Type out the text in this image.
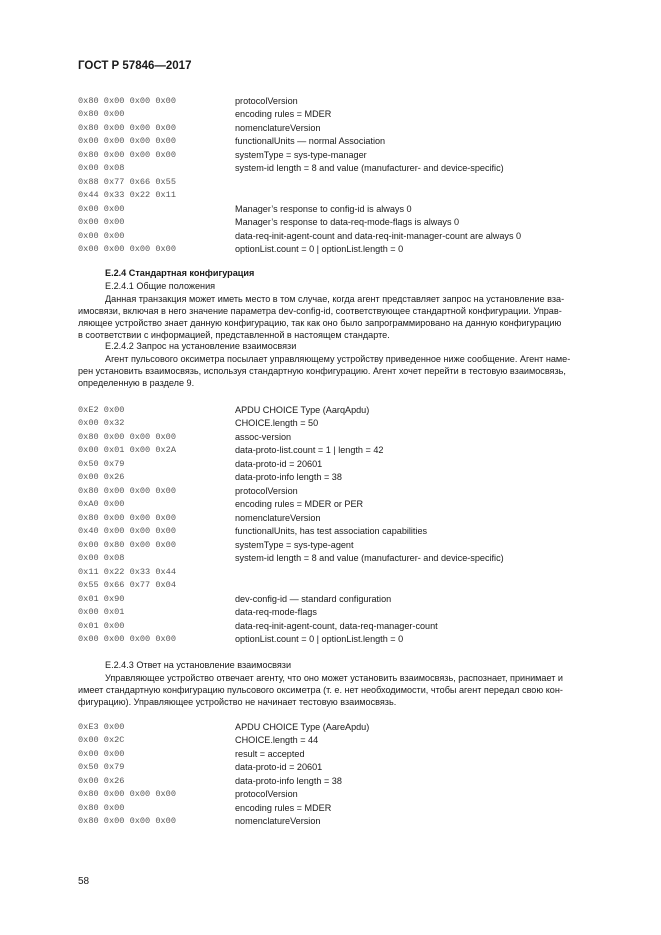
ГОСТ Р 57846—2017
0x80 0x00 0x00 0x00	protocolVersion
0x80 0x00	encoding rules = MDER
0x80 0x00 0x00 0x00	nomenclatureVersion
0x00 0x00 0x00 0x00	functionalUnits — normal Association
0x80 0x00 0x00 0x00	systemType = sys-type-manager
0x00 0x08	system-id length = 8 and value (manufacturer- and device-specific)
0x88 0x77 0x66 0x55
0x44 0x33 0x22 0x11
0x00 0x00	Manager’s response to config-id is always 0
0x00 0x00	Manager’s response to data-req-mode-flags is always 0
0x00 0x00	data-req-init-agent-count and data-req-init-manager-count are always 0
0x00 0x00 0x00 0x00	optionList.count = 0 | optionList.length = 0
Е.2.4 Стандартная конфигурация
Е.2.4.1 Общие положения
Данная транзакция может иметь место в том случае, когда агент представляет запрос на установление вза-
имосвязи, включая в него значение параметра dev-config-id, соответствующее стандартной конфигурации. Управ-
ляющее устройство знает данную конфигурацию, так как оно было запрограммировано на данную конфигурацию
в соответствии с информацией, представленной в настоящем стандарте.
Е.2.4.2 Запрос на установление взаимосвязи
Агент пульсового оксиметра посылает управляющему устройству приведенное ниже сообщение. Агент наме-
рен установить взаимосвязь, используя стандартную конфигурацию. Агент хочет перейти в тестовую взаимосвязь,
определенную в разделе 9.
0xE2 0x00	APDU CHOICE Type (AarqApdu)
0x00 0x32	CHOICE.length = 50
0x80 0x00 0x00 0x00	assoc-version
0x00 0x01 0x00 0x2A	data-proto-list.count = 1 | length = 42
0x50 0x79	data-proto-id = 20601
0x00 0x26	data-proto-info length = 38
0x80 0x00 0x00 0x00	protocolVersion
0xA0 0x00	encoding rules = MDER or PER
0x80 0x00 0x00 0x00	nomenclatureVersion
0x40 0x00 0x00 0x00	functionalUnits, has test association capabilities
0x00 0x80 0x00 0x00	systemType = sys-type-agent
0x00 0x08	system-id length = 8 and value (manufacturer- and device-specific)
0x11 0x22 0x33 0x44
0x55 0x66 0x77 0x04
0x01 0x90	dev-config-id — standard configuration
0x00 0x01	data-req-mode-flags
0x01 0x00	data-req-init-agent-count, data-req-manager-count
0x00 0x00 0x00 0x00	optionList.count = 0 | optionList.length = 0
Е.2.4.3 Ответ на установление взаимосвязи
Управляющее устройство отвечает агенту, что оно может установить взаимосвязь, распознает, принимает и
имеет стандартную конфигурацию пульсового оксиметра (т. е. нет необходимости, чтобы агент передал свою кон-
фигурацию). Управляющее устройство не начинает тестовую взаимосвязь.
0xE3 0x00	APDU CHOICE Type (AareApdu)
0x00 0x2C	CHOICE.length = 44
0x00 0x00	result = accepted
0x50 0x79	data-proto-id = 20601
0x00 0x26	data-proto-info length = 38
0x80 0x00 0x00 0x00	protocolVersion
0x80 0x00	encoding rules = MDER
0x80 0x00 0x00 0x00	nomenclatureVersion
58
